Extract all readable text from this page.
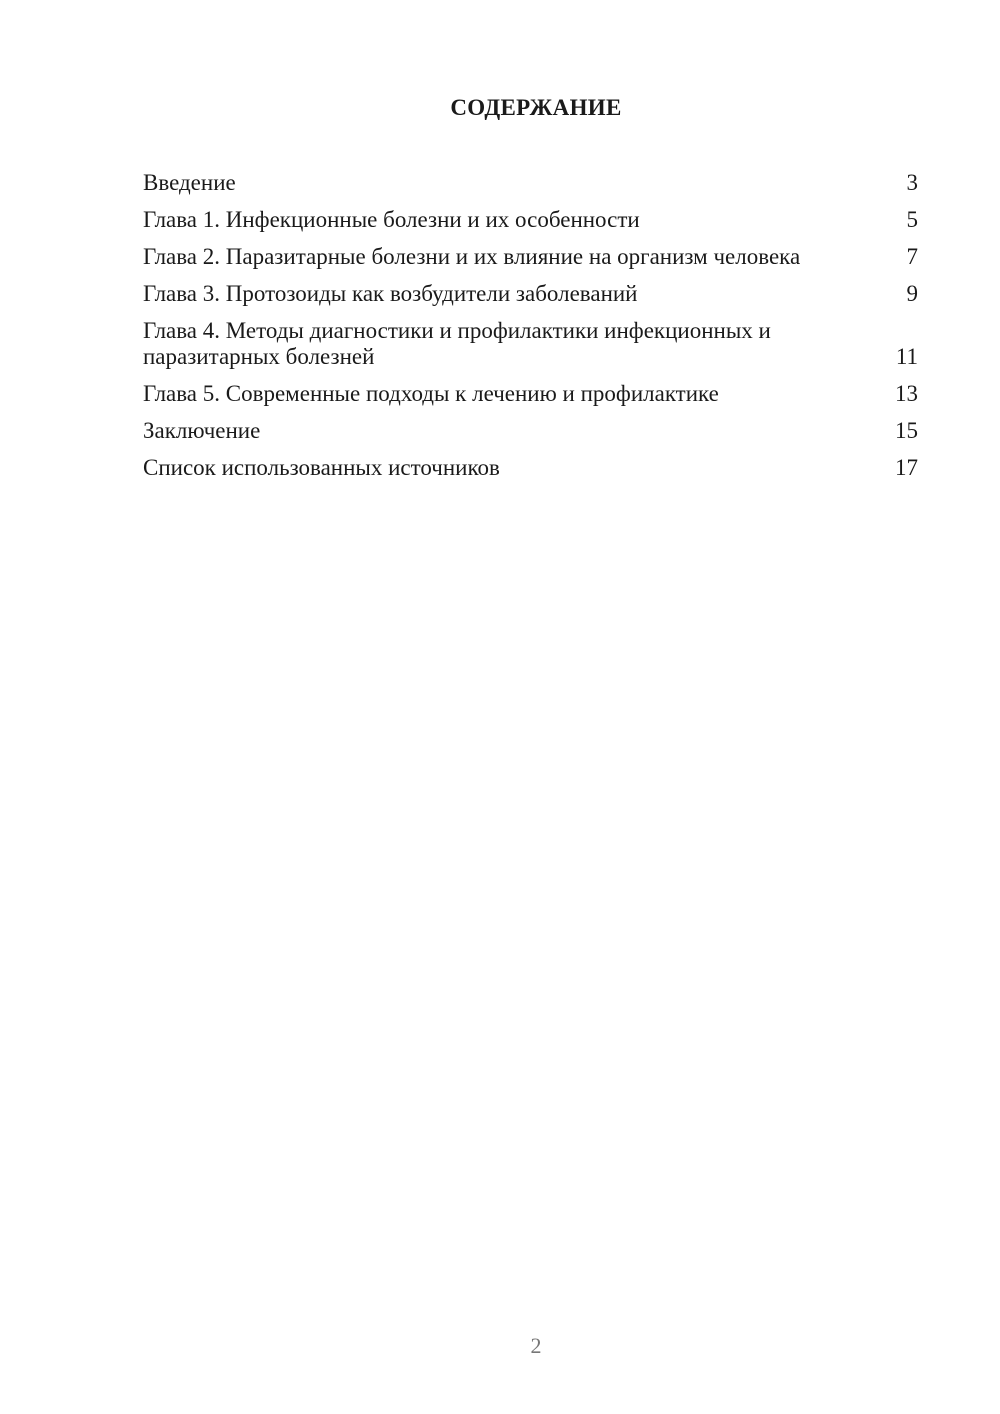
СОДЕРЖАНИЕ
Введение	3
Глава 1. Инфекционные болезни и их особенности	5
Глава 2. Паразитарные болезни и их влияние на организм человека	7
Глава 3. Протозоиды как возбудители заболеваний	9
Глава 4. Методы диагностики и профилактики инфекционных и паразитарных болезней	11
Глава 5. Современные подходы к лечению и профилактике	13
Заключение	15
Список использованных источников	17
2
